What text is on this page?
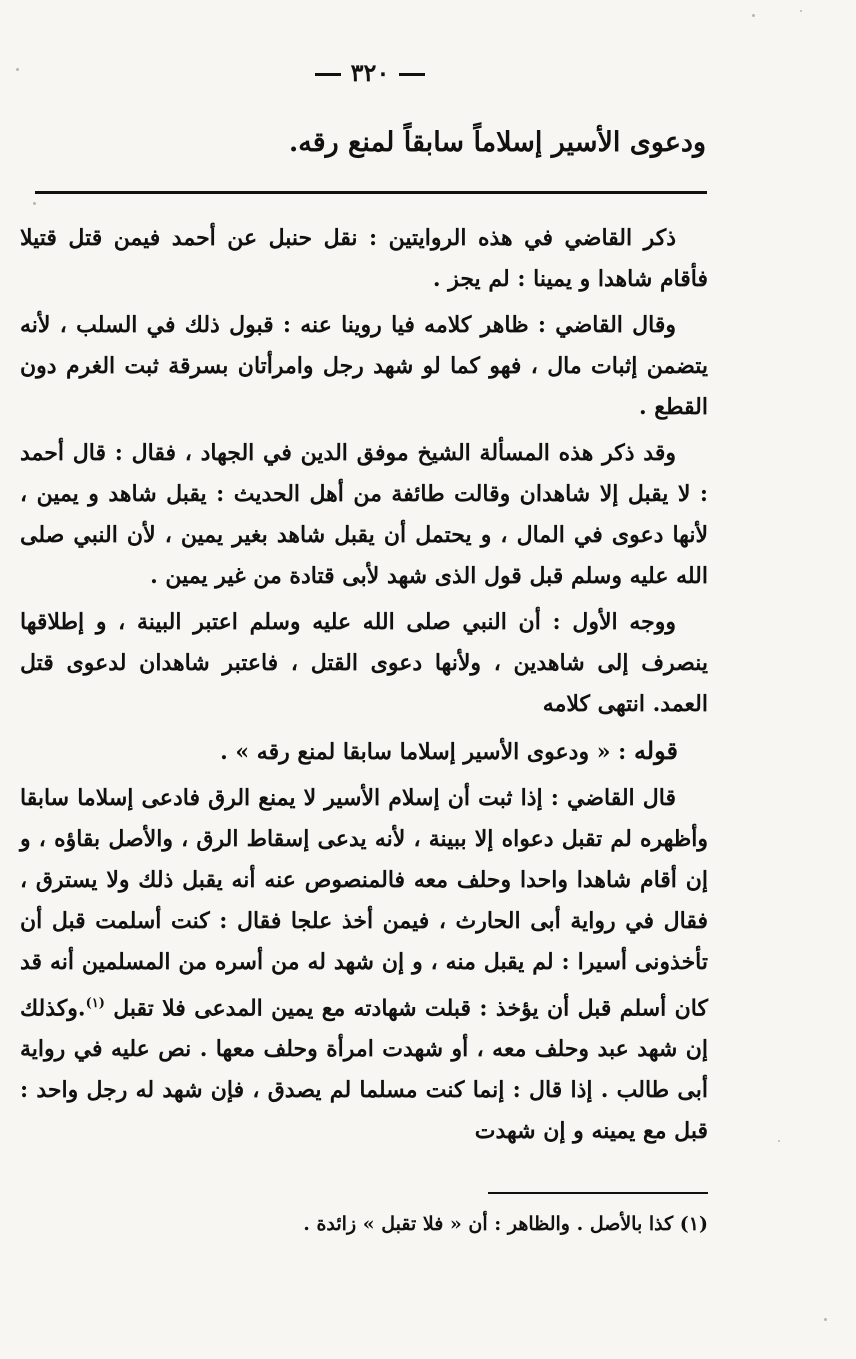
٣٢٠
ودعوى الأسير إسلاماً سابقاً لمنع رقه.

ذكر القاضي في هذه الروايتين : نقل حنبل عن أحمد فيمن قتل قتيلا فأقام شاهدا و يمينا : لم يجز .

وقال القاضي : ظاهر كلامه فيا روينا عنه : قبول ذلك في السلب ، لأنه يتضمن إثبات مال ، فهو كما لو شهد رجل وامرأتان بسرقة ثبت الغرم دون القطع .

وقد ذكر هذه المسألة الشيخ موفق الدين في الجهاد ، فقال : قال أحمد : لا يقبل إلا شاهدان وقالت طائفة من أهل الحديث : يقبل شاهد و يمين ، لأنها دعوى في المال ، و يحتمل أن يقبل شاهد بغير يمين ، لأن النبي صلى الله عليه وسلم قبل قول الذى شهد لأبى قتادة من غير يمين .

ووجه الأول : أن النبي صلى الله عليه وسلم اعتبر البينة ، و إطلاقها ينصرف إلى شاهدين ، ولأنها دعوى القتل ، فاعتبر شاهدان لدعوى قتل العمد. انتهى كلامه

قوله : « ودعوى الأسير إسلاما سابقا لمنع رقه » .

قال القاضي : إذا ثبت أن إسلام الأسير لا يمنع الرق فادعى إسلاما سابقا وأظهره لم تقبل دعواه إلا ببينة ، لأنه يدعى إسقاط الرق ، والأصل بقاؤه ، و إن أقام شاهدا واحدا وحلف معه فالمنصوص عنه أنه يقبل ذلك ولا يسترق ، فقال في رواية أبى الحارث ، فيمن أخذ علجا فقال : كنت أسلمت قبل أن تأخذونى أسيرا : لم يقبل منه ، و إن شهد له من أسره من المسلمين أنه قد كان أسلم قبل أن يؤخذ : قبلت شهادته مع يمين المدعى فلا تقبل $^{(١)}$.وكذلك إن شهد عبد وحلف معه ، أو شهدت امرأة وحلف معها . نص عليه في رواية أبى طالب . إذا قال : إنما كنت مسلما لم يصدق ، فإن شهد له رجل واحد : قبل مع يمينه و إن شهدت

(١) كذا بالأصل . والظاهر : أن « فلا تقبل » زائدة .
